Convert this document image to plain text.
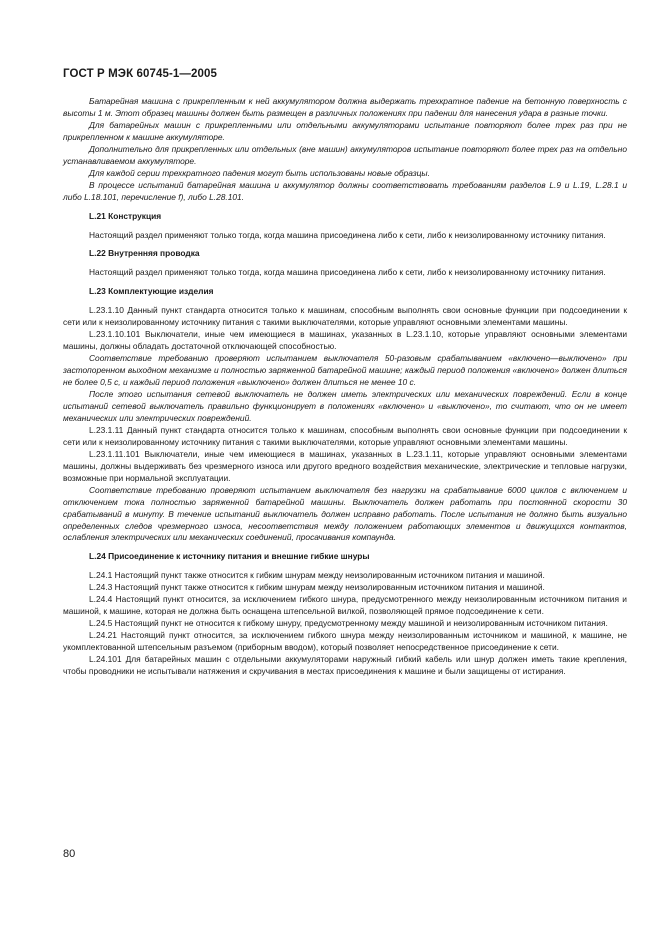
ГОСТ Р МЭК 60745-1—2005

Батарейная машина с прикрепленным к ней аккумулятором должна выдержать трехкратное падение на бетонную поверхность с высоты 1 м. Этот образец машины должен быть размещен в различных положениях при падении для нанесения удара в разные точки.

Для батарейных машин с прикрепленными или отдельными аккумуляторами испытание повторяют более трех раз при не прикрепленном к машине аккумуляторе.

Дополнительно для прикрепленных или отдельных (вне машин) аккумуляторов испытание повторяют более трех раз на отдельно устанавливаемом аккумуляторе.

Для каждой серии трехкратного падения могут быть использованы новые образцы.

В процессе испытаний батарейная машина и аккумулятор должны соответствовать требованиям разделов L.9 и L.19, L.28.1 и либо L.18.101, перечисление f), либо L.28.101.

L.21 Конструкция

Настоящий раздел применяют только тогда, когда машина присоединена либо к сети, либо к неизолированному источнику питания.

L.22 Внутренняя проводка

Настоящий раздел применяют только тогда, когда машина присоединена либо к сети, либо к неизолированному источнику питания.

L.23 Комплектующие изделия

L.23.1.10 Данный пункт стандарта относится только к машинам, способным выполнять свои основные функции при подсоединении к сети или к неизолированному источнику питания с такими выключателями, которые управляют основными элементами машины.

L.23.1.10.101 Выключатели, иные чем имеющиеся в машинах, указанных в L.23.1.10, которые управляют основными элементами машины, должны обладать достаточной отключающей способностью.

Соответствие требованию проверяют испытанием выключателя 50-разовым срабатыванием «включено—выключено» при застопоренном выходном механизме и полностью заряженной батарейной машине; каждый период положения «включено» должен длиться не более 0,5 с, и каждый период положения «выключено» должен длиться не менее 10 с.

После этого испытания сетевой выключатель не должен иметь электрических или механических повреждений. Если в конце испытаний сетевой выключатель правильно функционирует в положениях «включено» и «выключено», то считают, что он не имеет механических или электрических повреждений.

L.23.1.11 Данный пункт стандарта относится только к машинам, способным выполнять свои основные функции при подсоединении к сети или к неизолированному источнику питания с такими выключателями, которые управляют основными элементами машины.

L.23.1.11.101 Выключатели, иные чем имеющиеся в машинах, указанных в L.23.1.11, которые управляют основными элементами машины, должны выдерживать без чрезмерного износа или другого вредного воздействия механические, электрические и тепловые нагрузки, возможные при нормальной эксплуатации.

Соответствие требованию проверяют испытанием выключателя без нагрузки на срабатывание 6000 циклов с включением и отключением тока полностью заряженной батарейной машины. Выключатель должен работать при постоянной скорости 30 срабатываний в минуту. В течение испытаний выключатель должен исправно работать. После испытания не должно быть визуально определенных следов чрезмерного износа, несоответствия между положением работающих элементов и движущихся контактов, ослабления электрических или механических соединений, просачивания компаунда.

L.24 Присоединение к источнику питания и внешние гибкие шнуры

L.24.1 Настоящий пункт также относится к гибким шнурам между неизолированным источником питания и машиной.

L.24.3 Настоящий пункт также относится к гибким шнурам между неизолированным источником питания и машиной.

L.24.4 Настоящий пункт относится, за исключением гибкого шнура, предусмотренного между неизолированным источником питания и машиной, к машине, которая не должна быть оснащена штепсельной вилкой, позволяющей прямое подсоединение к сети.

L.24.5 Настоящий пункт не относится к гибкому шнуру, предусмотренному между машиной и неизолированным источником питания.

L.24.21 Настоящий пункт относится, за исключением гибкого шнура между неизолированным источником и машиной, к машине, не укомплектованной штепсельным разъемом (приборным вводом), который позволяет непосредственное присоединение к сети.

L.24.101 Для батарейных машин с отдельными аккумуляторами наружный гибкий кабель или шнур должен иметь такие крепления, чтобы проводники не испытывали натяжения и скручивания в местах присоединения к машине и были защищены от истирания.

80
